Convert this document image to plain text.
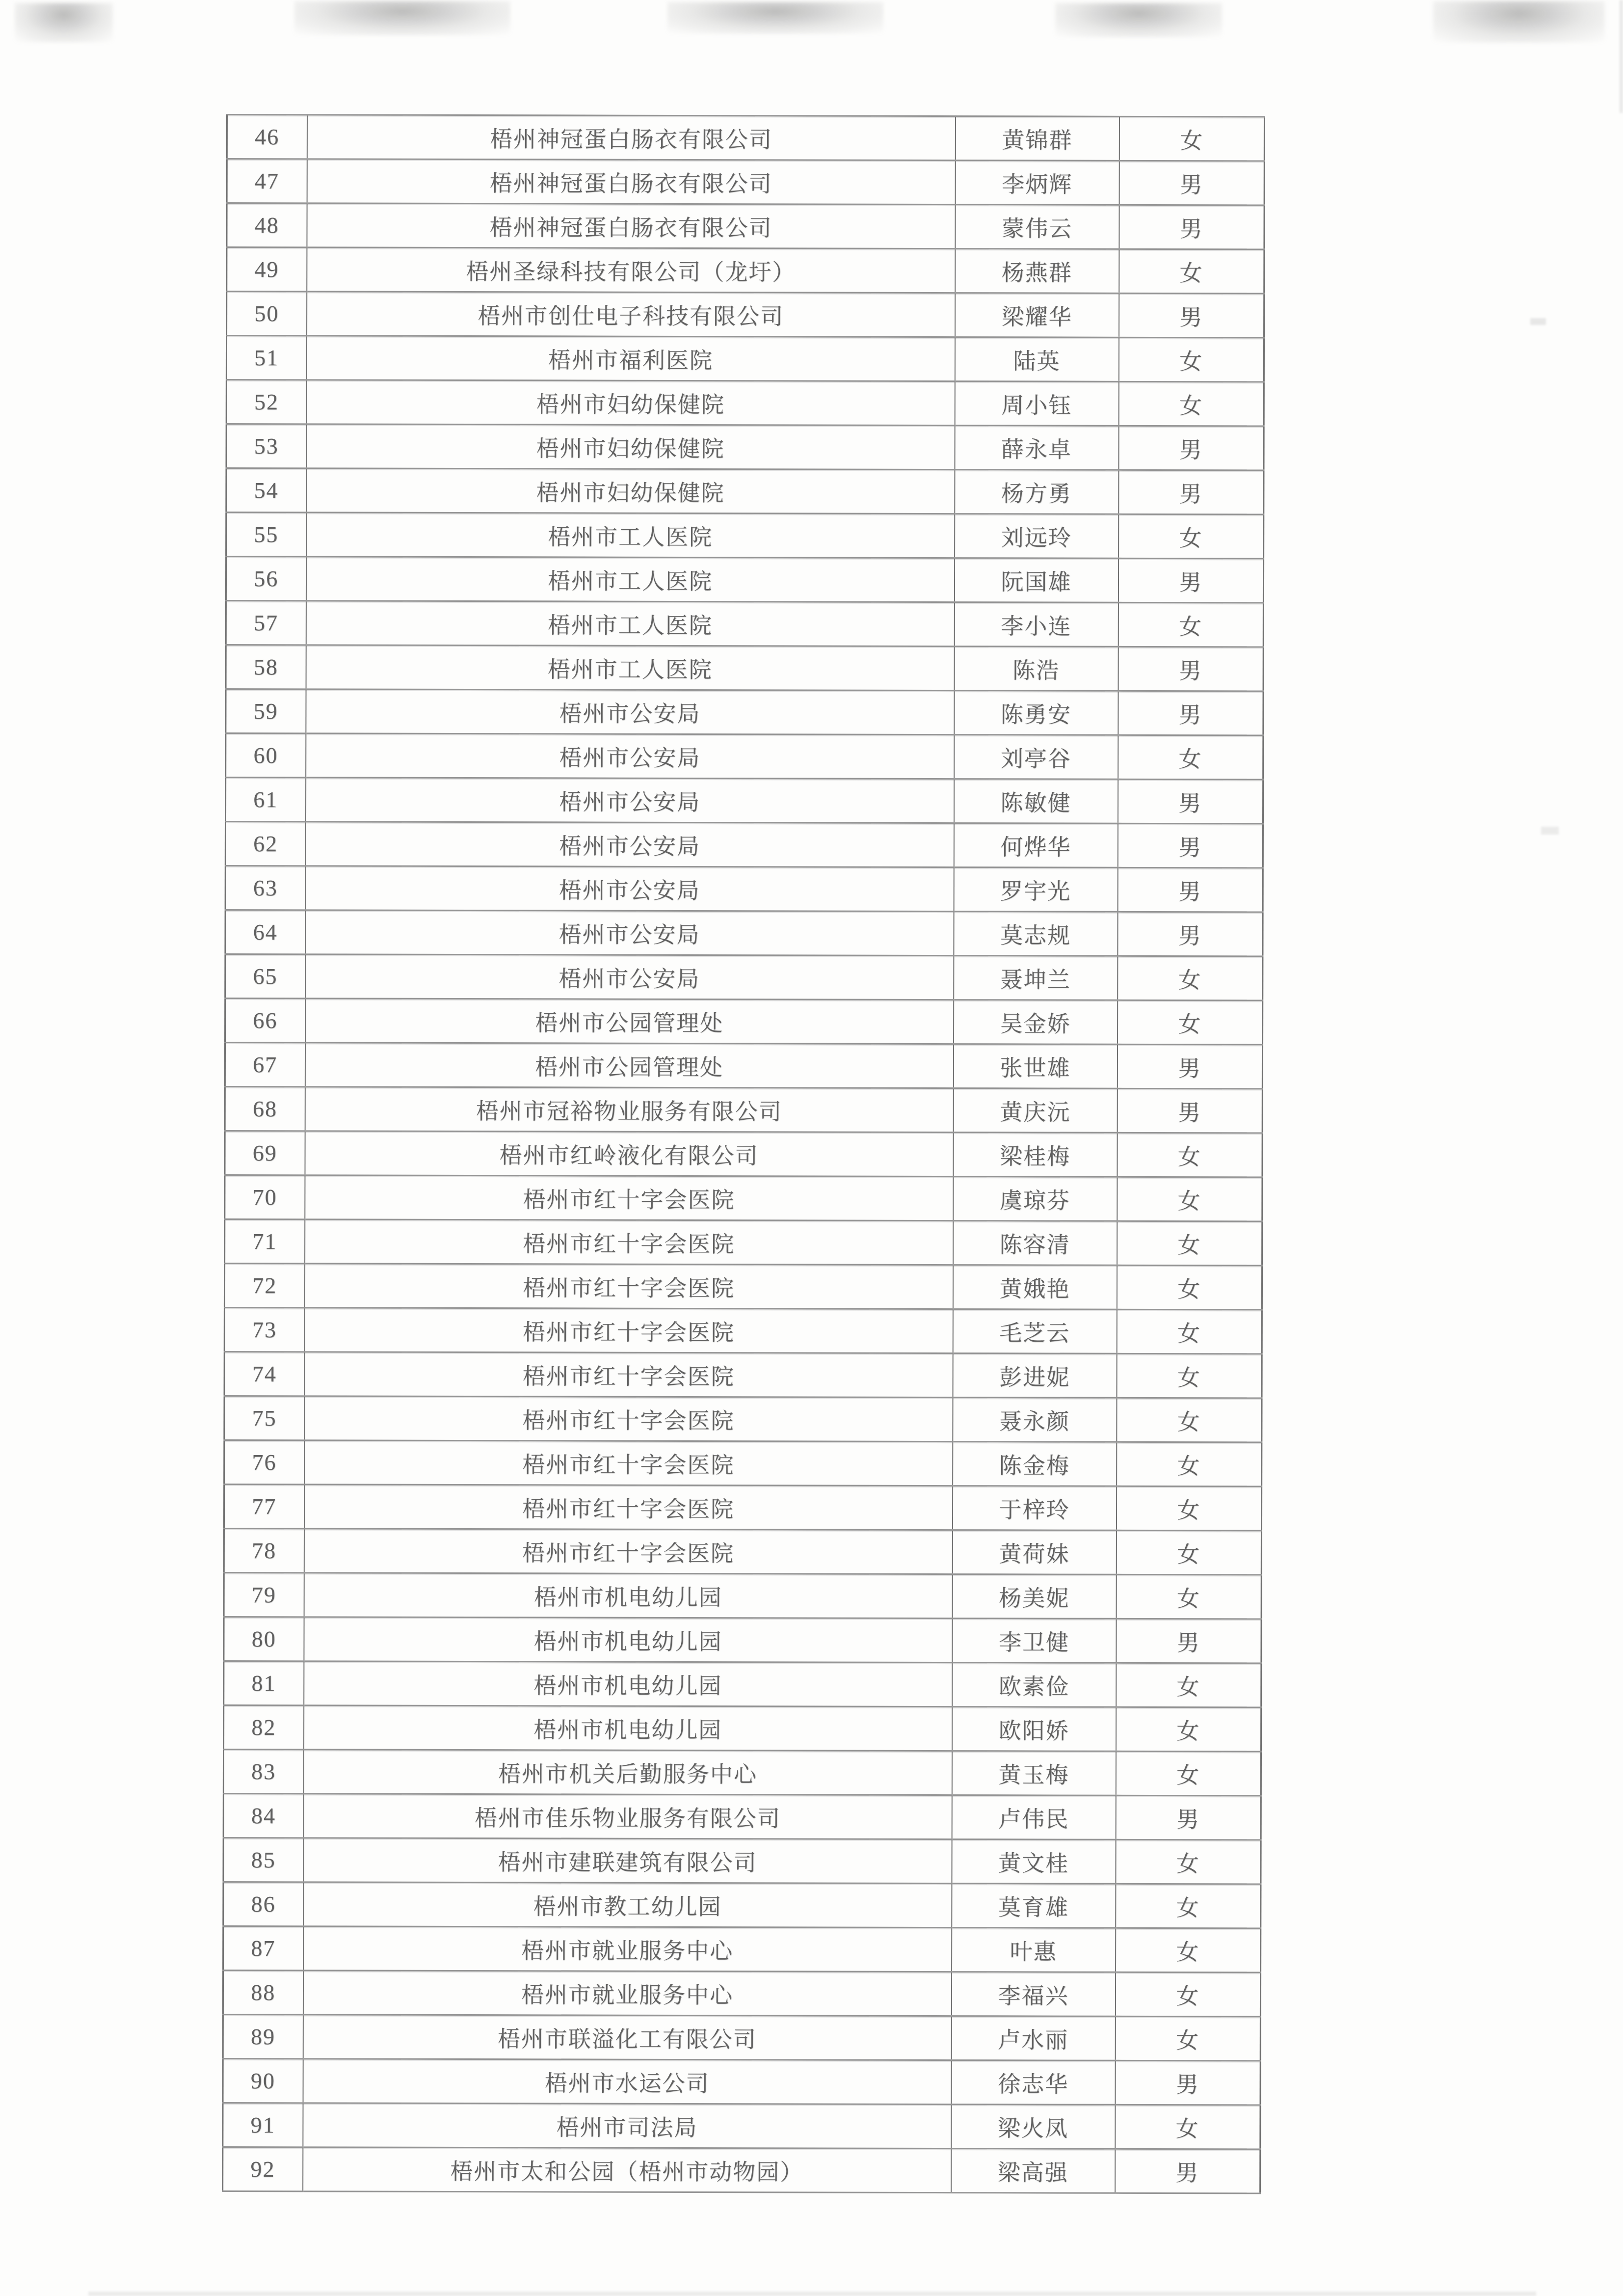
46	梧州神冠蛋白肠衣有限公司	黄锦群	女
47	梧州神冠蛋白肠衣有限公司	李炳辉	男
48	梧州神冠蛋白肠衣有限公司	蒙伟云	男
49	梧州圣绿科技有限公司（龙圩）	杨燕群	女
50	梧州市创仕电子科技有限公司	梁耀华	男
51	梧州市福利医院	陆英	女
52	梧州市妇幼保健院	周小钰	女
53	梧州市妇幼保健院	薛永卓	男
54	梧州市妇幼保健院	杨方勇	男
55	梧州市工人医院	刘远玲	女
56	梧州市工人医院	阮国雄	男
57	梧州市工人医院	李小连	女
58	梧州市工人医院	陈浩	男
59	梧州市公安局	陈勇安	男
60	梧州市公安局	刘亭谷	女
61	梧州市公安局	陈敏健	男
62	梧州市公安局	何烨华	男
63	梧州市公安局	罗宇光	男
64	梧州市公安局	莫志规	男
65	梧州市公安局	聂坤兰	女
66	梧州市公园管理处	吴金娇	女
67	梧州市公园管理处	张世雄	男
68	梧州市冠裕物业服务有限公司	黄庆沅	男
69	梧州市红岭液化有限公司	梁桂梅	女
70	梧州市红十字会医院	虞琼芬	女
71	梧州市红十字会医院	陈容清	女
72	梧州市红十字会医院	黄娥艳	女
73	梧州市红十字会医院	毛芝云	女
74	梧州市红十字会医院	彭进妮	女
75	梧州市红十字会医院	聂永颜	女
76	梧州市红十字会医院	陈金梅	女
77	梧州市红十字会医院	于梓玲	女
78	梧州市红十字会医院	黄荷妹	女
79	梧州市机电幼儿园	杨美妮	女
80	梧州市机电幼儿园	李卫健	男
81	梧州市机电幼儿园	欧素俭	女
82	梧州市机电幼儿园	欧阳娇	女
83	梧州市机关后勤服务中心	黄玉梅	女
84	梧州市佳乐物业服务有限公司	卢伟民	男
85	梧州市建联建筑有限公司	黄文桂	女
86	梧州市教工幼儿园	莫育雄	女
87	梧州市就业服务中心	叶惠	女
88	梧州市就业服务中心	李福兴	女
89	梧州市联溢化工有限公司	卢水丽	女
90	梧州市水运公司	徐志华	男
91	梧州市司法局	梁火凤	女
92	梧州市太和公园（梧州市动物园）	梁高强	男
